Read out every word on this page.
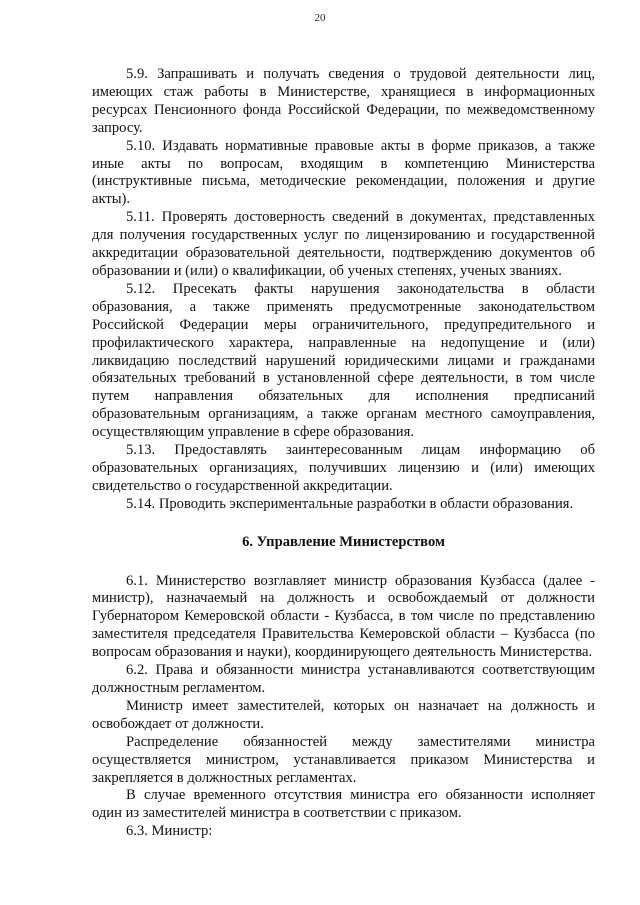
20

5.9. Запрашивать и получать сведения о трудовой деятельности лиц, имеющих стаж работы в Министерстве, хранящиеся в информационных ресурсах Пенсионного фонда Российской Федерации, по межведомственному запросу.

5.10. Издавать нормативные правовые акты в форме приказов, а также иные акты по вопросам, входящим в компетенцию Министерства (инструктивные письма, методические рекомендации, положения и другие акты).

5.11. Проверять достоверность сведений в документах, представленных для получения государственных услуг по лицензированию и государственной аккредитации образовательной деятельности, подтверждению документов об образовании и (или) о квалификации, об ученых степенях, ученых званиях.

5.12. Пресекать факты нарушения законодательства в области образования, а также применять предусмотренные законодательством Российской Федерации меры ограничительного, предупредительного и профилактического характера, направленные на недопущение и (или) ликвидацию последствий нарушений юридическими лицами и гражданами обязательных требований в установленной сфере деятельности, в том числе путем направления обязательных для исполнения предписаний образовательным организациям, а также органам местного самоуправления, осуществляющим управление в сфере образования.

5.13. Предоставлять заинтересованным лицам информацию об образовательных организациях, получивших лицензию и (или) имеющих свидетельство о государственной аккредитации.

5.14. Проводить экспериментальные разработки в области образования.

6. Управление Министерством

6.1. Министерство возглавляет министр образования Кузбасса (далее - министр), назначаемый на должность и освобождаемый от должности Губернатором Кемеровской области - Кузбасса, в том числе по представлению заместителя председателя Правительства Кемеровской области – Кузбасса (по вопросам образования и науки), координирующего деятельность Министерства.

6.2. Права и обязанности министра устанавливаются соответствующим должностным регламентом.

Министр имеет заместителей, которых он назначает на должность и освобождает от должности.

Распределение обязанностей между заместителями министра осуществляется министром, устанавливается приказом Министерства и закрепляется в должностных регламентах.

В случае временного отсутствия министра его обязанности исполняет один из заместителей министра в соответствии с приказом.

6.3. Министр:
